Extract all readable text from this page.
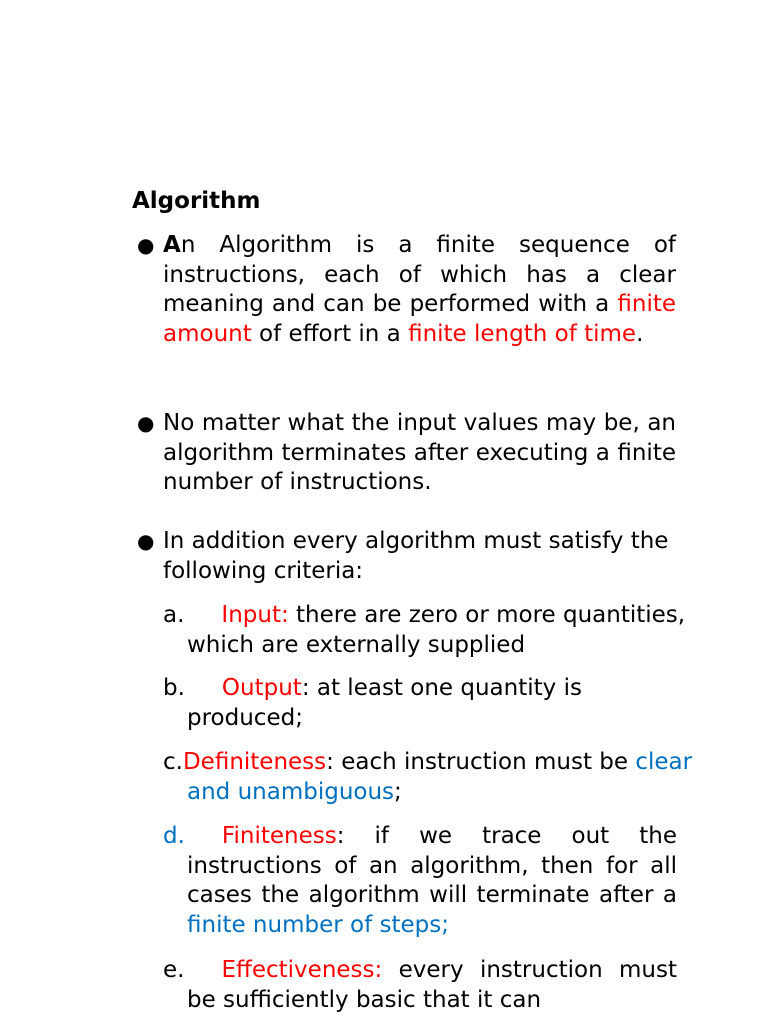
Algorithm
● An Algorithm is a finite sequence of instructions, each of which has a clear meaning and can be performed with a finite amount of effort in a finite length of time.

● No matter what the input values may be, an algorithm terminates after executing a finite number of instructions.

● In addition every algorithm must satisfy the following criteria:

a. Input: there are zero or more quantities, which are externally supplied

b. Output: at least one quantity is produced;

c.Definiteness: each instruction must be clear and unambiguous;

d. Finiteness: if we trace out the instructions of an algorithm, then for all cases the algorithm will terminate after a finite number of steps;

e. Effectiveness: every instruction must be sufficiently basic that it can
